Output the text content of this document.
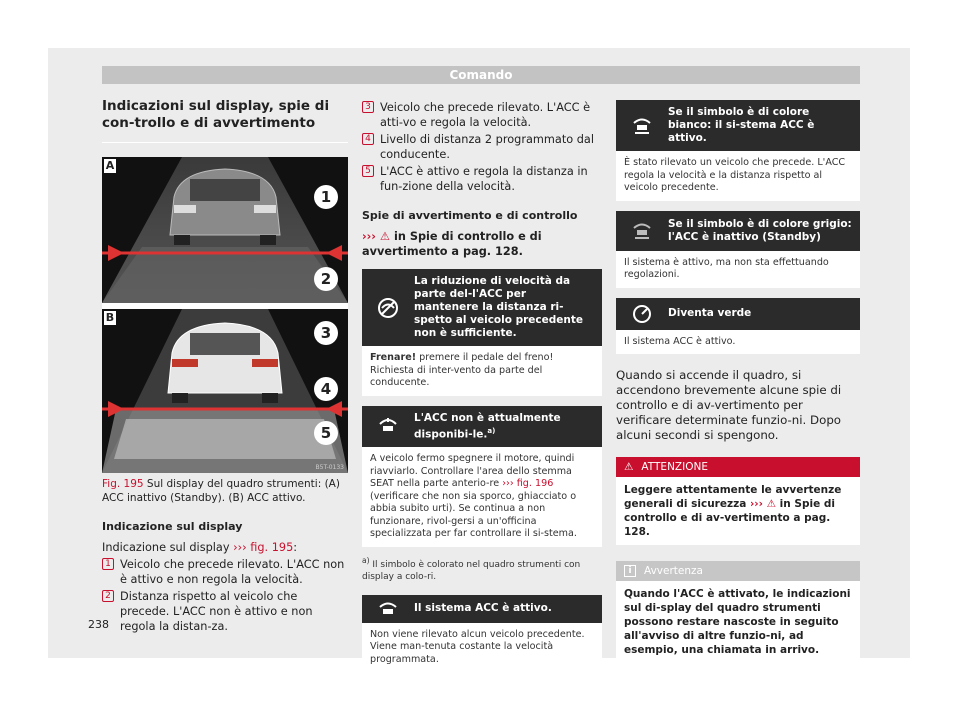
Comando
Indicazioni sul display, spie di con-trollo e di avvertimento
A
1
2
B
3
4
5
B5T-0133
Fig. 195 Sul display del quadro strumenti: (A) ACC inattivo (Standby). (B) ACC attivo.
Indicazione sul display
Indicazione sul display ››› fig. 195:
1 Veicolo che precede rilevato. L'ACC non è attivo e non regola la velocità.
2 Distanza rispetto al veicolo che precede. L'ACC non è attivo e non regola la distan-za.
3 Veicolo che precede rilevato. L'ACC è atti-vo e regola la velocità.
4 Livello di distanza 2 programmato dal conducente.
5 L'ACC è attivo e regola la distanza in fun-zione della velocità.
Spie di avvertimento e di controllo
››› ⚠ in Spie di controllo e di avvertimento a pag. 128.
La riduzione di velocità da parte del-l'ACC per mantenere la distanza ri-spetto al veicolo precedente non è sufficiente.
Frenare! premere il pedale del freno! Richiesta di inter-vento da parte del conducente.
L'ACC non è attualmente disponibi-le.$^{a)}$
A veicolo fermo spegnere il motore, quindi riavviarlo. Controllare l'area dello stemma SEAT nella parte anterio-re ››› fig. 196 (verificare che non sia sporco, ghiacciato o abbia subito urti). Se continua a non funzionare, rivol-gersi a un'officina specializzata per far controllare il si-stema.
$^{a)}$ Il simbolo è colorato nel quadro strumenti con display a colo-ri.
Il sistema ACC è attivo.
Non viene rilevato alcun veicolo precedente. Viene man-tenuta costante la velocità programmata.
Se il simbolo è di colore bianco: il si-stema ACC è attivo.
È stato rilevato un veicolo che precede. L'ACC regola la velocità e la distanza rispetto al veicolo precedente.
Se il simbolo è di colore grigio: l'ACC è inattivo (Standby)
Il sistema è attivo, ma non sta effettuando regolazioni.
Diventa verde
Il sistema ACC è attivo.
Quando si accende il quadro, si accendono brevemente alcune spie di controllo e di av-vertimento per verificare determinate funzio-ni. Dopo alcuni secondi si spengono.
⚠ ATTENZIONE
Leggere attentamente le avvertenze generali di sicurezza ››› ⚠ in Spie di controllo e di av-vertimento a pag. 128.
i	Avvertenza
Quando l'ACC è attivato, le indicazioni sul di-splay del quadro strumenti possono restare nascoste in seguito all'avviso di altre funzio-ni, ad esempio, una chiamata in arrivo.
238
